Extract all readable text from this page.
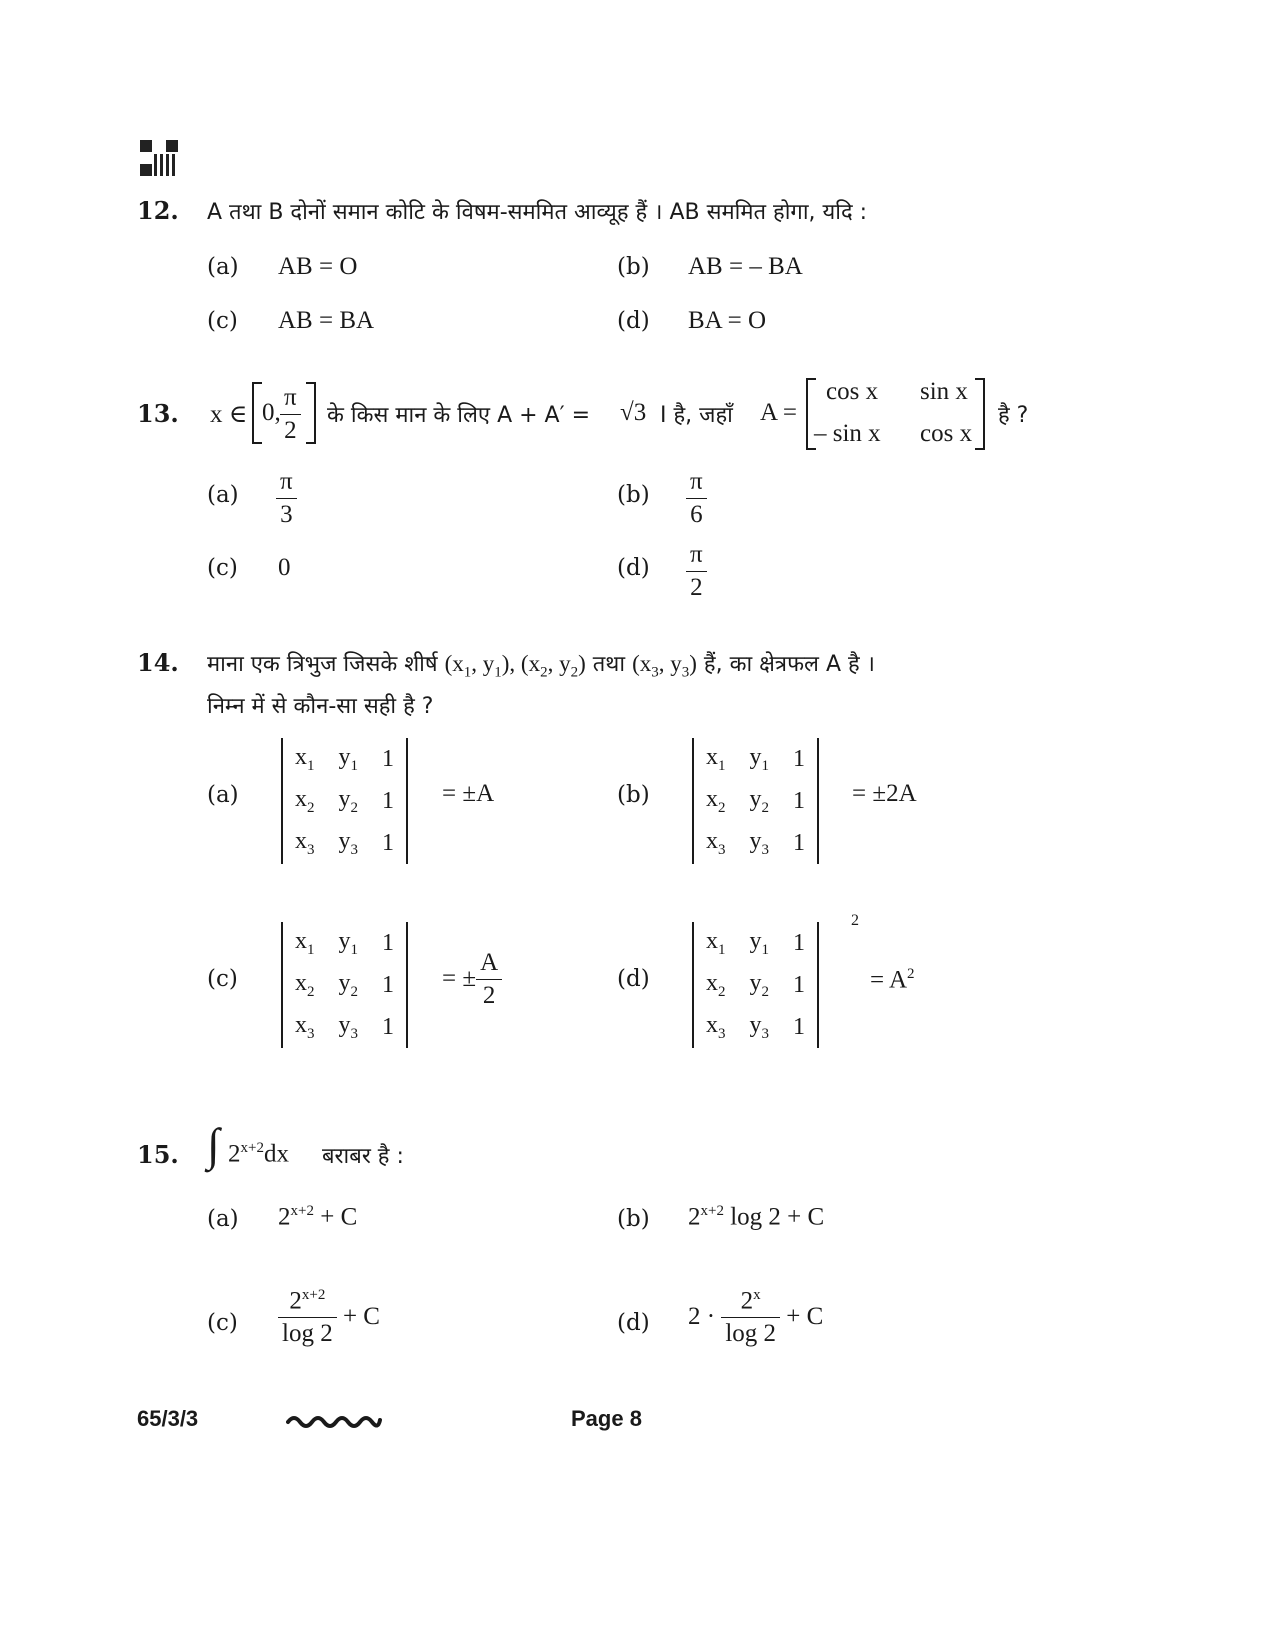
12. A तथा B दोनों समान कोटि के विषम-सममित आव्यूह हैं । AB सममित होगा, यदि :
(a) AB = O	(b) AB = – BA
(c) AB = BA	(d) BA = O
13. x ∈ 0, $\frac{\pi}{2}$ के किस मान के लिए A + A′ = √3 I है, जहाँ A =
cos x sin x
– sin x cos x
है ?
$(a) \frac{\pi}{3}$	$(b) \frac{\pi}{6}$
(c) 0	$(d) \frac{\pi}{2}$
14. माना एक त्रिभुज जिसके शीर्ष ($x_1$, $y_1$), ($x_2$, $y_2$) तथा ($x_3$, $y_3$) हैं, का क्षेत्रफल A है ।
निम्न में से कौन-सा सही है ?
(a)
$x_1$	$y_1$	1
$x_2$	$y_2$	1
$x_3$	$y_3$	1
= ±A	(b)
$x_1$	$y_1$	1
$x_2$	$y_2$	1
$x_3$	$y_3$	1
= ±2A
(c)
$x_1$	$y_1$	1
$x_2$	$y_2$	1
$x_3$	$y_3$	1
= ± $\frac{A}{2}$	(d)
$x_1$	$y_1$	1
$x_2$	$y_2$	1
$x_3$	$y_3$	1
2
= $A^2$
15. ∫ $2^{x+2}dx$ बराबर है :
(a) $2^{x+2} + C$	(b) $2^{x+2}$ log 2 + C
$(c) \frac{2^{x+2}}{\log 2} + C$	(d) $2 \cdot \frac{2^x}{\log 2} + C$
65/3/3	Page 8
